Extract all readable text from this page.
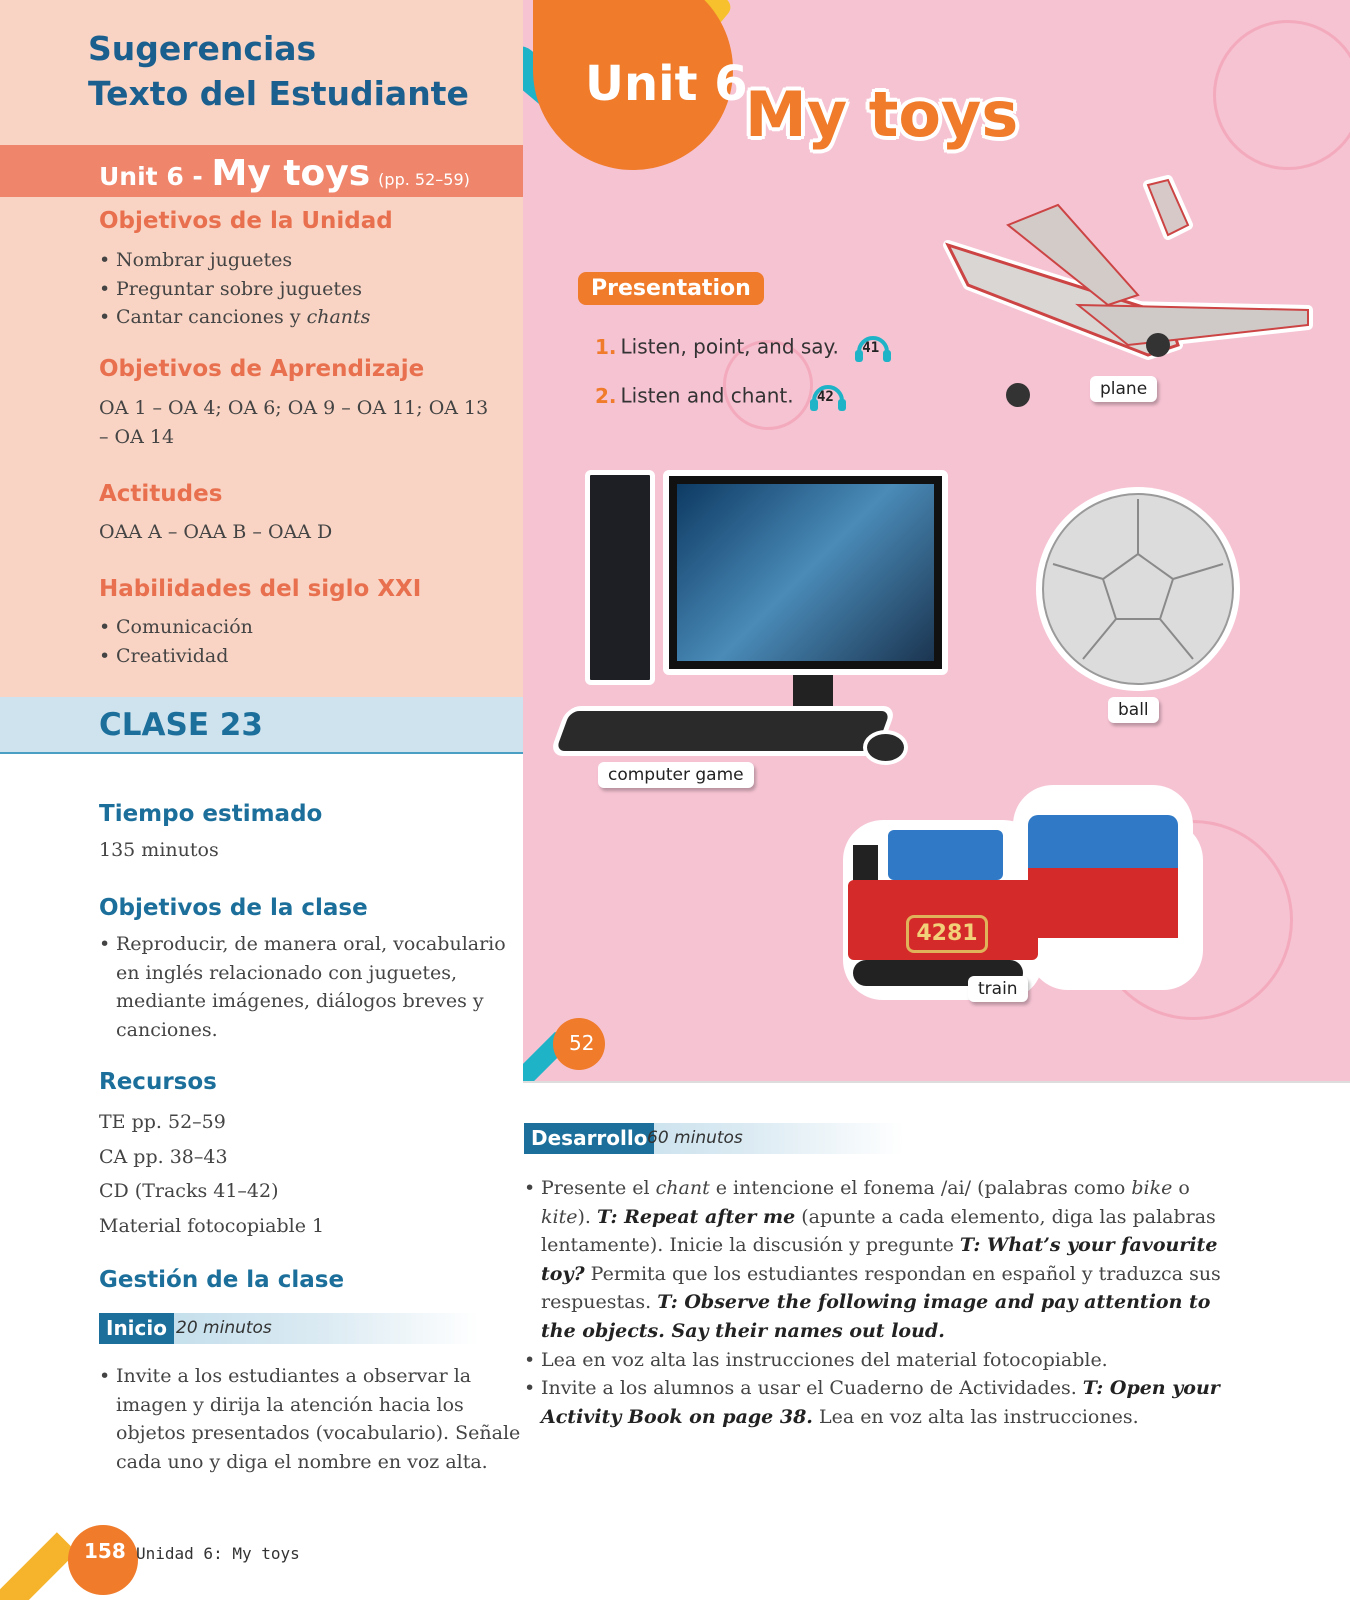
Sugerencias
Texto del Estudiante
Unit 6 - My toys (pp. 52–59)
Objetivos de la Unidad
• Nombrar juguetes
• Preguntar sobre juguetes
• Cantar canciones y chants
Objetivos de Aprendizaje
OA 1 – OA 4; OA 6; OA 9 – OA 11; OA 13
– OA 14
Actitudes
OAA A – OAA B – OAA D
Habilidades del siglo XXI
• Comunicación
• Creatividad
CLASE 23
Tiempo estimado
135 minutos
Objetivos de la clase
• Reproducir, de manera oral, vocabulario
en inglés relacionado con juguetes,
mediante imágenes, diálogos breves y
canciones.
Recursos
TE pp. 52–59
CA pp. 38–43
CD (Tracks 41–42)
Material fotocopiable 1
Gestión de la clase
Inicio 20 minutos
• Invite a los estudiantes a observar la
imagen y dirija la atención hacia los
objetos presentados (vocabulario). Señale
cada uno y diga el nombre en voz alta.
158 Unidad 6: My toys
Unit 6
My toys
Presentation
1. Listen, point, and say. 41
2. Listen and chant. 42	plane
computer game
ball
4281
train
52
Desarrollo 60 minutos
• Presente el chant e intencione el fonema /ai/ (palabras como bike o kite). T: Repeat after me (apunte a cada elemento, diga las palabras lentamente). Inicie la discusión y pregunte T: What’s your favourite toy? Permita que los estudiantes respondan en español y traduzca sus respuestas. T: Observe the following image and pay attention to the objects. Say their names out loud.
• Lea en voz alta las instrucciones del material fotocopiable.
• Invite a los alumnos a usar el Cuaderno de Actividades. T: Open your Activity Book on page 38. Lea en voz alta las instrucciones.
